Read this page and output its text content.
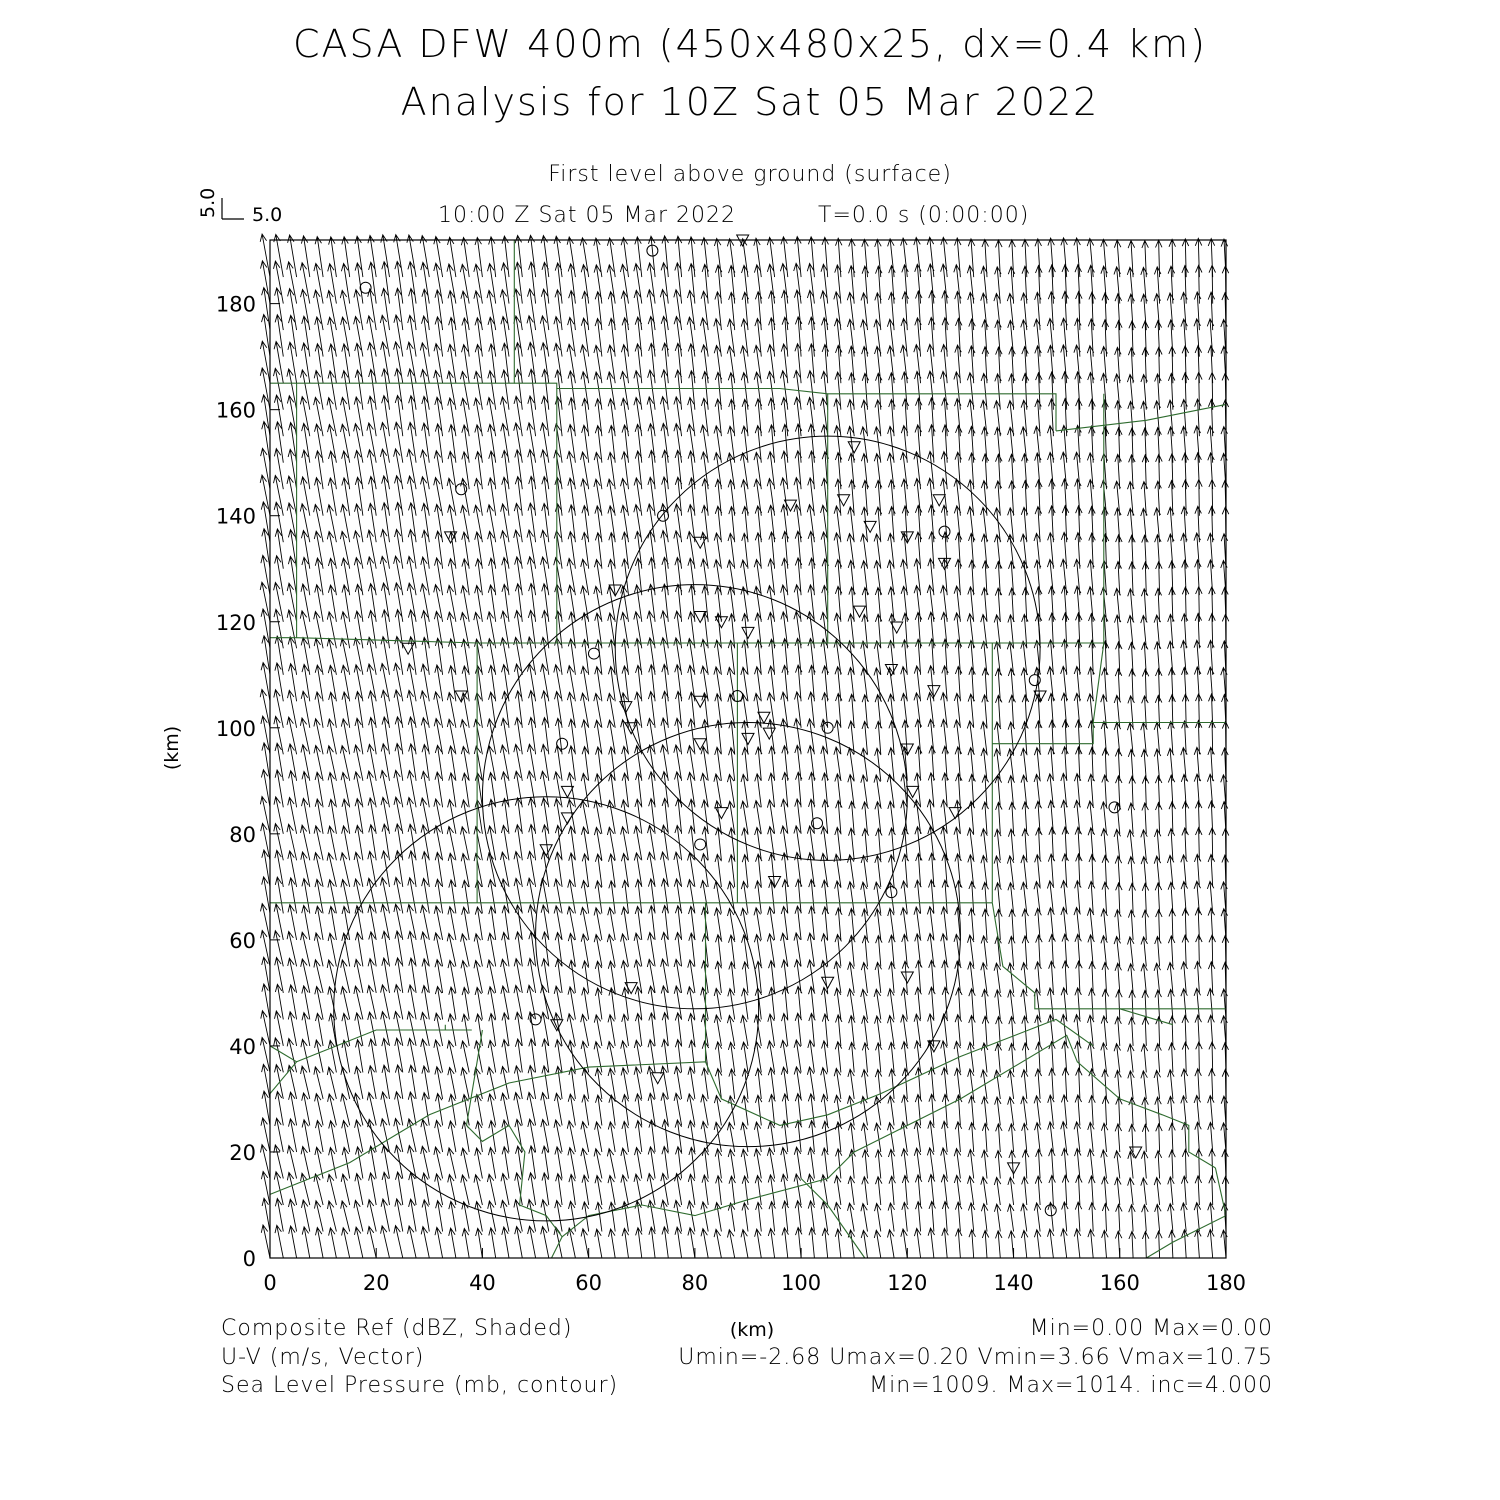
CASA DFW 400m (450x480x25, dx=0.4 km)

Analysis for 10Z Sat 05 Mar 2022

First level above ground (surface)

10:00 Z Sat 05 Mar 2022	T=0.0 s (0:00:00)

5.0
5.0
0	20	40	60	80	100	120	140	160	180
0
20
40
60
80
100
120
140
160
180
(km)
(km)

Composite Ref (dBZ, Shaded)	Min=0.00 Max=0.00

U-V (m/s, Vector)	Umin=-2.68 Umax=0.20 Vmin=3.66 Vmax=10.75

Sea Level Pressure (mb, contour)	Min=1009. Max=1014. inc=4.000
